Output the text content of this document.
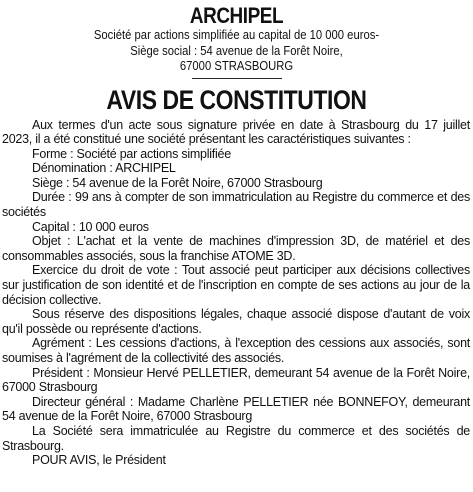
ARCHIPEL
Société par actions simplifiée au capital de 10 000 euros-
Siège social : 54 avenue de la Forêt Noire,
67000 STRASBOURG
AVIS DE CONSTITUTION

Aux termes d'un acte sous signature privée en date à Strasbourg du 17 juillet 2023, il a été constitué une société présentant les caractéristiques suivantes :

Forme : Société par actions simplifiée

Dénomination : ARCHIPEL

Siège : 54 avenue de la Forêt Noire, 67000 Strasbourg

Durée : 99 ans à compter de son immatriculation au Registre du commerce et des sociétés

Capital : 10 000 euros

Objet : L'achat et la vente de machines d'impression 3D, de matériel et des consommables associés, sous la franchise ATOME 3D.

Exercice du droit de vote : Tout associé peut participer aux décisions collectives sur justification de son identité et de l'inscription en compte de ses actions au jour de la décision collective.

Sous réserve des dispositions légales, chaque associé dispose d'autant de voix qu'il possède ou représente d'actions.

Agrément : Les cessions d'actions, à l'exception des cessions aux associés, sont soumises à l'agrément de la collectivité des associés.

Président : Monsieur Hervé PELLETIER, demeurant 54 avenue de la Forêt Noire, 67000 Strasbourg

Directeur général : Madame Charlène PELLETIER née BONNEFOY, demeurant 54 avenue de la Forêt Noire, 67000 Strasbourg

La Société sera immatriculée au Registre du commerce et des sociétés de Strasbourg.

POUR AVIS, le Président
